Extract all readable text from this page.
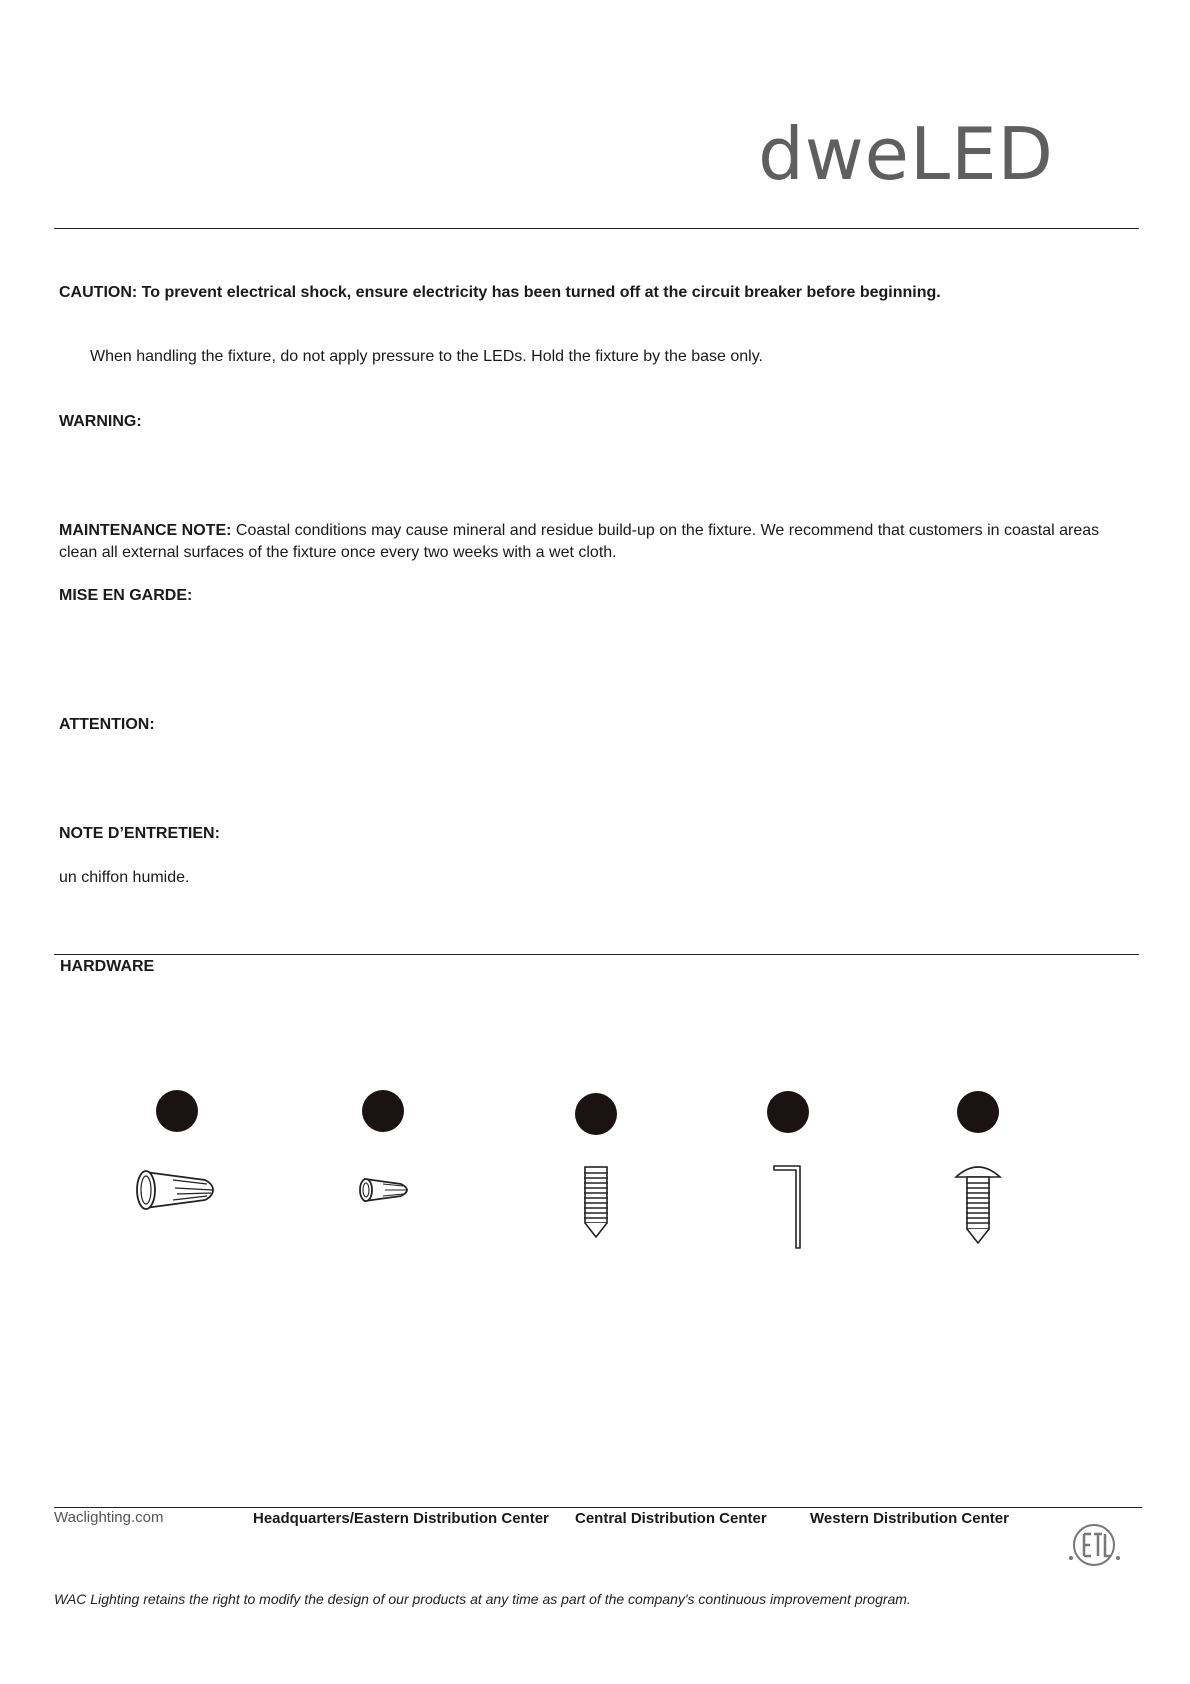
dweLED
CAUTION: To prevent electrical shock, ensure electricity has been turned off at the circuit breaker before beginning.
When handling the fixture, do not apply pressure to the LEDs. Hold the fixture by the base only.
WARNING:
MAINTENANCE NOTE: Coastal conditions may cause mineral and residue build-up on the fixture. We recommend that customers in coastal areas clean all external surfaces of the fixture once every two weeks with a wet cloth.
MISE EN GARDE:
ATTENTION:
NOTE D’ENTRETIEN:
un chiffon humide.
HARDWARE
Waclighting.com	Headquarters/Eastern Distribution Center Central Distribution Center	Western Distribution Center
WAC Lighting retains the right to modify the design of our products at any time as part of the company's continuous improvement program.
